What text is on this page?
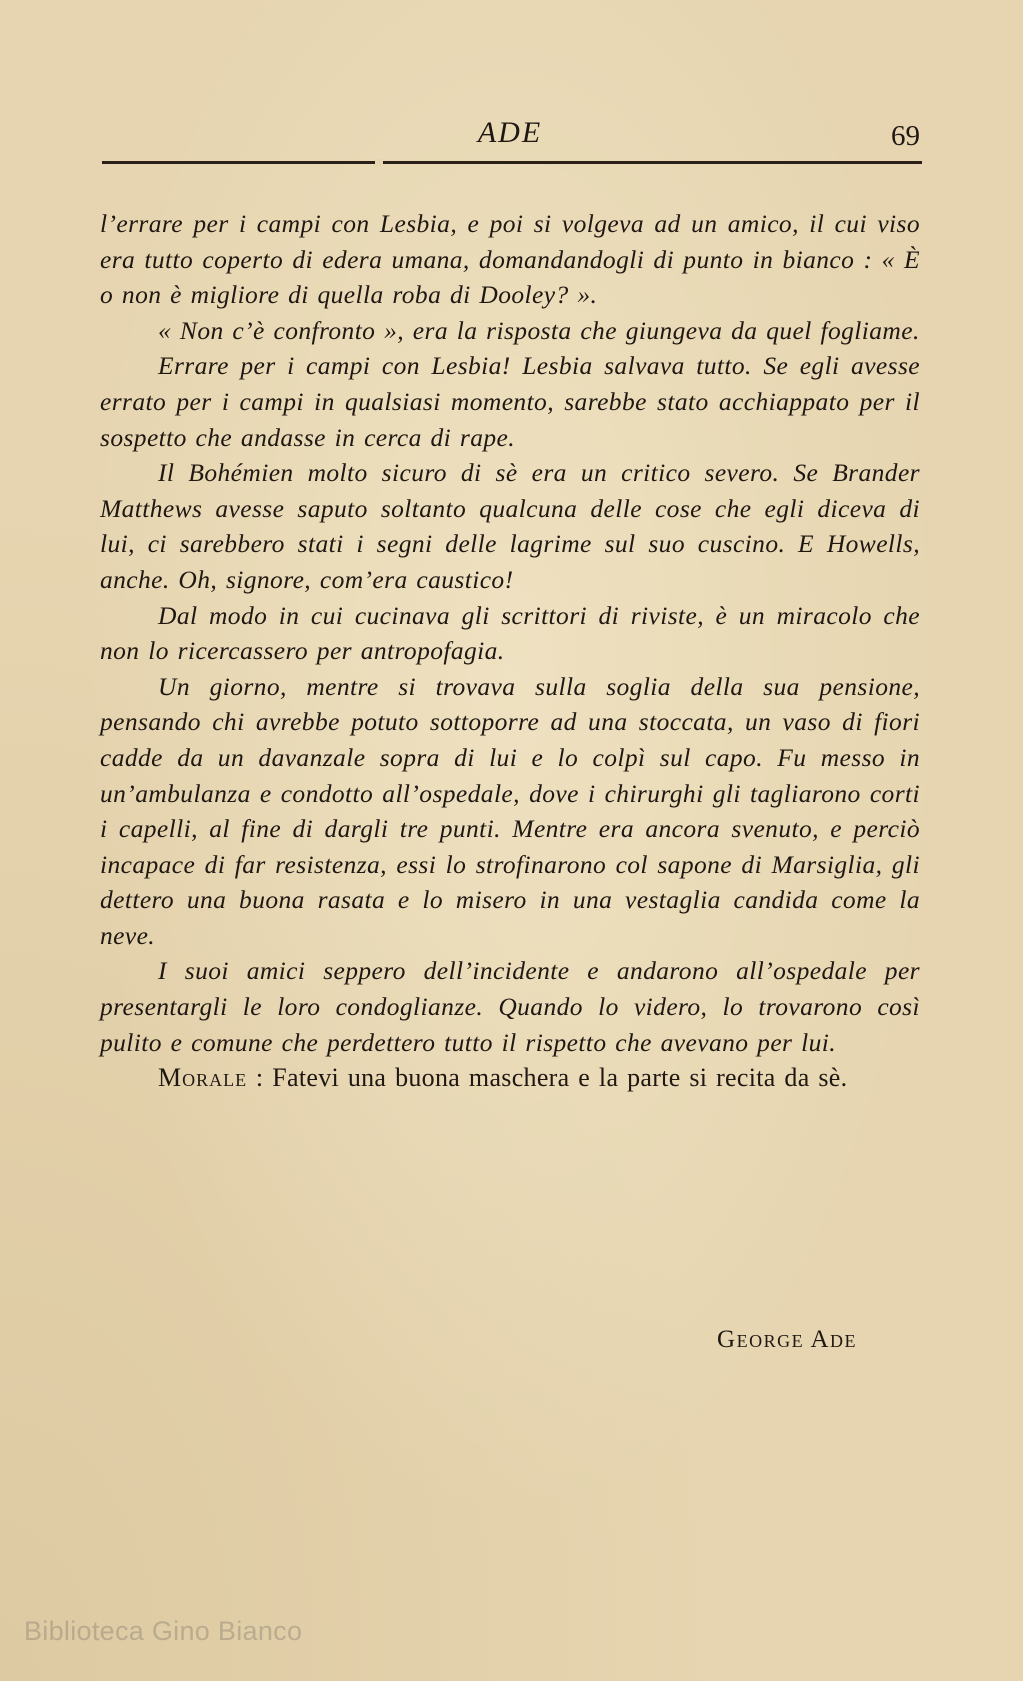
ADE	69

l’errare per i campi con Lesbia, e poi si volgeva ad un amico, il cui viso era tutto coperto di edera umana, domandandogli di punto in bianco : « È o non è migliore di quella roba di Dooley? ».

« Non c’è confronto », era la risposta che giungeva da quel fogliame.

Errare per i campi con Lesbia! Lesbia salvava tutto. Se egli avesse errato per i campi in qualsiasi momento, sarebbe stato acchiappato per il sospetto che andasse in cerca di rape.

Il Bohémien molto sicuro di sè era un critico severo. Se Brander Matthews avesse saputo soltanto qualcuna delle cose che egli diceva di lui, ci sarebbero stati i segni delle lagrime sul suo cuscino. E Howells, anche. Oh, signore, com’era caustico!

Dal modo in cui cucinava gli scrittori di riviste, è un miracolo che non lo ricercassero per antropofagia.

Un giorno, mentre si trovava sulla soglia della sua pensione, pensando chi avrebbe potuto sottoporre ad una stoccata, un vaso di fiori cadde da un davanzale sopra di lui e lo colpì sul capo. Fu messo in un’ambulanza e condotto all’ospedale, dove i chirurghi gli tagliarono corti i capelli, al fine di dargli tre punti. Mentre era ancora svenuto, e perciò incapace di far resistenza, essi lo strofinarono col sapone di Marsiglia, gli dettero una buona rasata e lo misero in una vestaglia candida come la neve.

I suoi amici seppero dell’incidente e andarono all’ospedale per presentargli le loro condoglianze. Quando lo videro, lo trovarono così pulito e comune che perdettero tutto il rispetto che avevano per lui.

Morale : Fatevi una buona maschera e la parte si recita da sè.

George Ade
Biblioteca Gino Bianco
